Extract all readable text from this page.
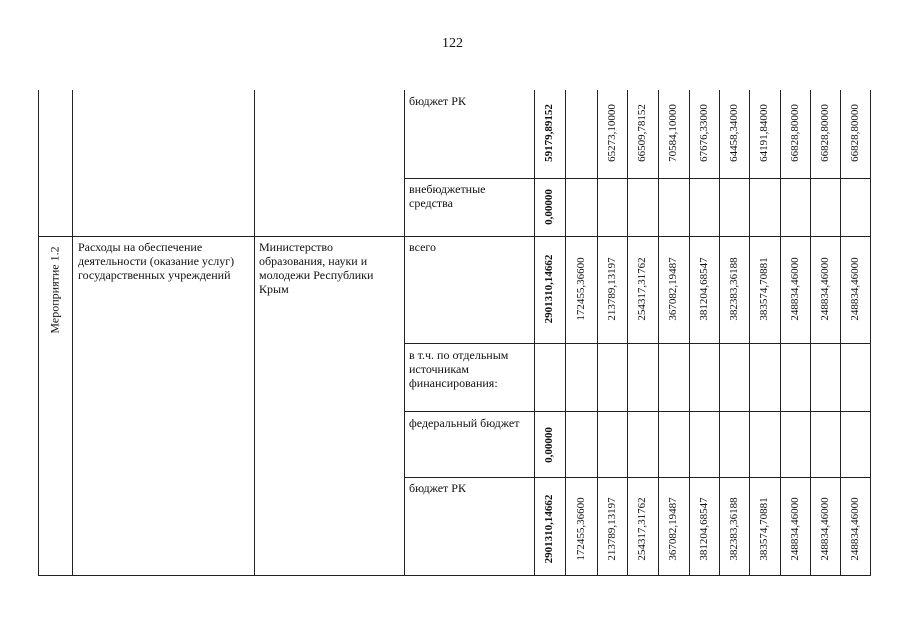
122
Мероприятие 1.2 Расходы на обеспечение деятельности (оказание услуг) государственных учреждений
Министерство образования, науки и молодежи Республики Крым
бюджет РК
внебюджетные средства
всего
в т.ч. по отдельным источникам финансирования:
федеральный бюджет
бюджет РК
59179,89152	65273,10000 66509,78152 70584,10000 67676,33000 64458,34000 64191,84000 66828,80000 66828,80000 66828,80000
0,00000
2901310,14662 172455,36600 213789,13197 254317,31762 367082,19487 381204,68547 382383,36188 383574,70881 248834,46000 248834,46000 248834,46000
0,00000
2901310,14662 172455,36600 213789,13197 254317,31762 367082,19487 381204,68547 382383,36188 383574,70881 248834,46000 248834,46000 248834,46000
